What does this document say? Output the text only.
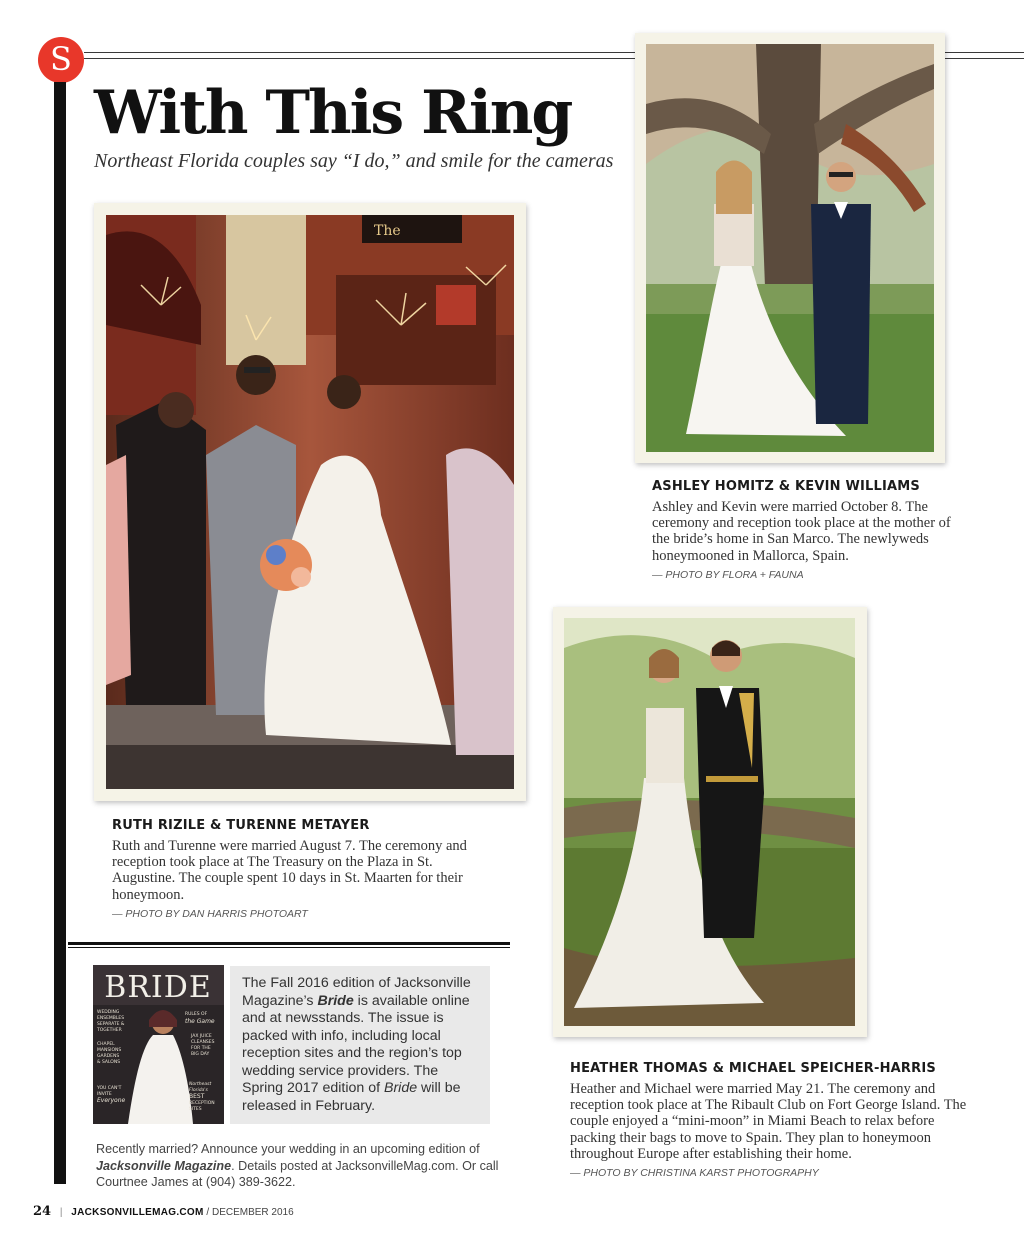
S
With This Ring
Northeast Florida couples say “I do,” and smile for the cameras
The
RUTH RIZILE & TURENNE METAYER
Ruth and Turenne were married August 7. The ceremony and reception took place at The Treasury on the Plaza in St. Augustine. The couple spent 10 days in St. Maarten for their honeymoon.
— PHOTO BY DAN HARRIS PHOTOART
ASHLEY HOMITZ & KEVIN WILLIAMS
Ashley and Kevin were married October 8. The ceremony and reception took place at the mother of the bride’s home in San Marco. The newlyweds honeymooned in Mallorca, Spain.
— PHOTO BY FLORA + FAUNA
HEATHER THOMAS & MICHAEL SPEICHER-HARRIS
Heather and Michael were married May 21. The ceremony and reception took place at The Ribault Club on Fort George Island. The couple enjoyed a “mini-moon” in Miami Beach to relax before packing their bags to move to Spain. They plan to honeymoon throughout Europe after establishing their home.
— PHOTO BY CHRISTINA KARST PHOTOGRAPHY
BRIDE
WEDDING
ENSEMBLES
SEPARATE &
TOGETHER
CHAPEL
MANSIONS
GARDENS
& SALONS
YOU CAN'T
INVITE
Everyone
RULES OF
the Game
JAX JUICE
CLEANSES
FOR THE
BIG DAY
Northeast
Florida's
BEST
RECEPTION
SITES
The Fall 2016 edition of Jacksonville Magazine’s Bride is available online and at newsstands. The issue is packed with info, including local reception sites and the region’s top wedding service providers. The Spring 2017 edition of Bride will be released in February.
Recently married? Announce your wedding in an upcoming edition of Jacksonville Magazine. Details posted at JacksonvilleMag.com. Or call Courtnee James at (904) 389-3622.
24 | JACKSONVILLEMAG.COM / DECEMBER 2016
